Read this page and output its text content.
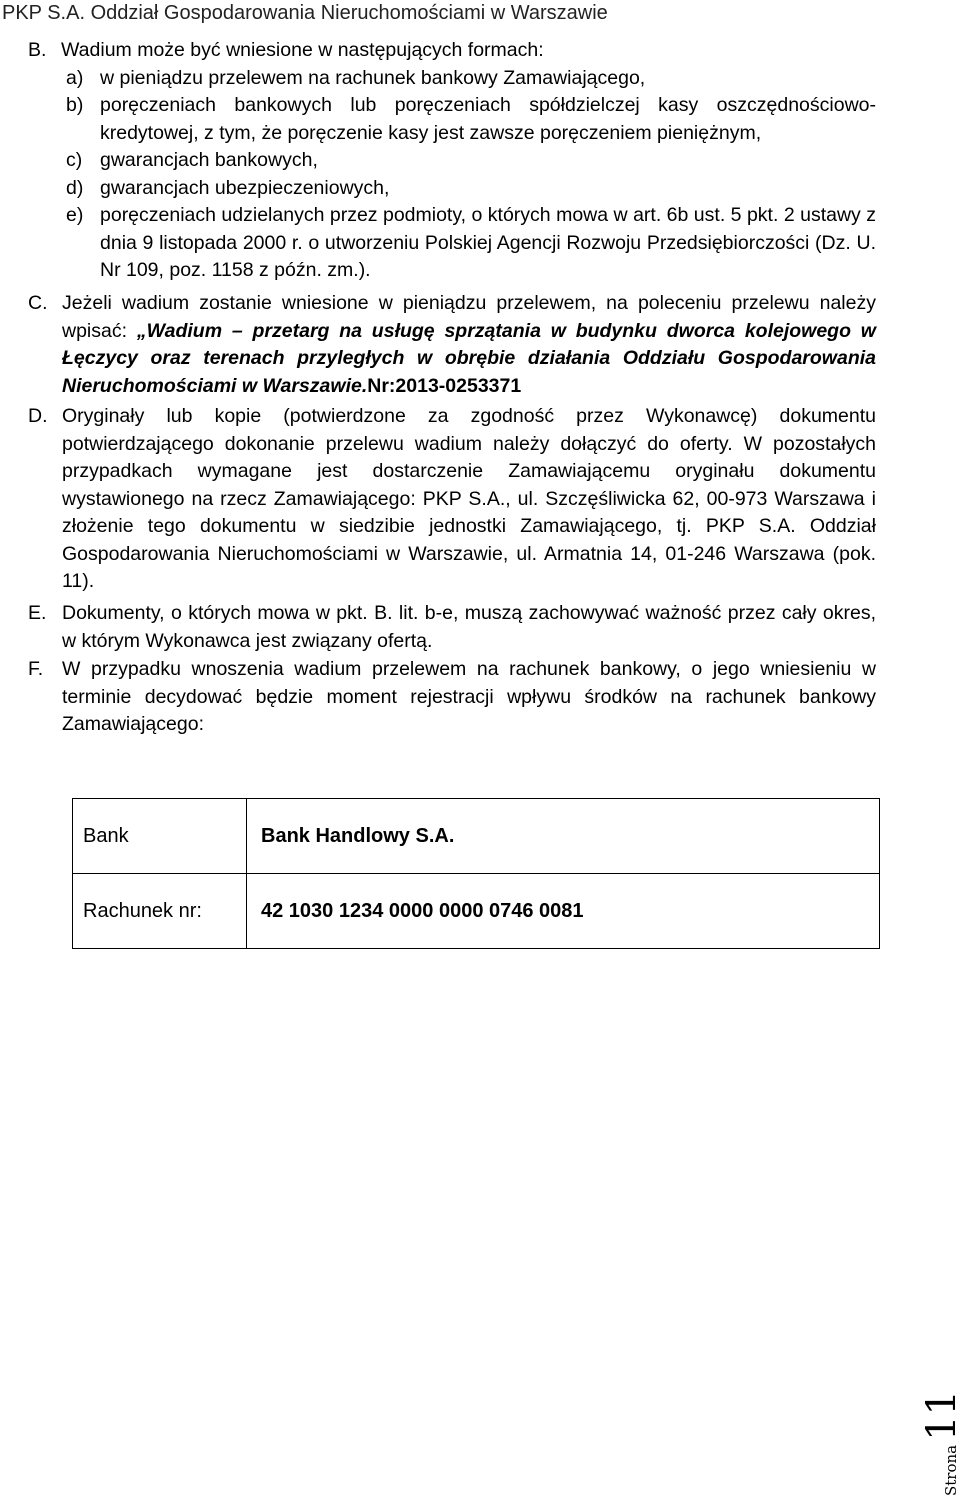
PKP S.A. Oddział Gospodarowania Nieruchomościami w Warszawie
B. Wadium może być wniesione w następujących formach:
a) w pieniądzu przelewem na rachunek bankowy Zamawiającego,
b) poręczeniach bankowych lub poręczeniach spółdzielczej kasy oszczędnościowo-kredytowej, z tym, że poręczenie kasy jest zawsze poręczeniem pieniężnym,
c) gwarancjach bankowych,
d) gwarancjach ubezpieczeniowych,
e) poręczeniach udzielanych przez podmioty, o których mowa w art. 6b ust. 5 pkt. 2 ustawy z dnia 9 listopada 2000 r. o utworzeniu Polskiej Agencji Rozwoju Przedsiębiorczości (Dz. U. Nr 109, poz. 1158 z późn. zm.).
C. Jeżeli wadium zostanie wniesione w pieniądzu przelewem, na poleceniu przelewu należy wpisać: „Wadium – przetarg na usługę sprzątania w budynku dworca kolejowego w Łęczycy oraz terenach przyległych w obrębie działania Oddziału Gospodarowania Nieruchomościami w Warszawie.Nr:2013-0253371
D. Oryginały lub kopie (potwierdzone za zgodność przez Wykonawcę) dokumentu potwierdzającego dokonanie przelewu wadium należy dołączyć do oferty. W pozostałych przypadkach wymagane jest dostarczenie Zamawiającemu oryginału dokumentu wystawionego na rzecz Zamawiającego: PKP S.A., ul. Szczęśliwicka 62, 00-973 Warszawa i złożenie tego dokumentu w siedzibie jednostki Zamawiającego, tj. PKP S.A. Oddział Gospodarowania Nieruchomościami w Warszawie, ul. Armatnia 14, 01-246 Warszawa (pok. 11).
E. Dokumenty, o których mowa w pkt. B. lit. b-e, muszą zachowywać ważność przez cały okres, w którym Wykonawca jest związany ofertą.
F. W przypadku wnoszenia wadium przelewem na rachunek bankowy, o jego wniesieniu w terminie decydować będzie moment rejestracji wpływu środków na rachunek bankowy Zamawiającego:
Bank	Bank Handlowy S.A.
Rachunek nr:	42 1030 1234 0000 0000 0746 0081
Strona11
